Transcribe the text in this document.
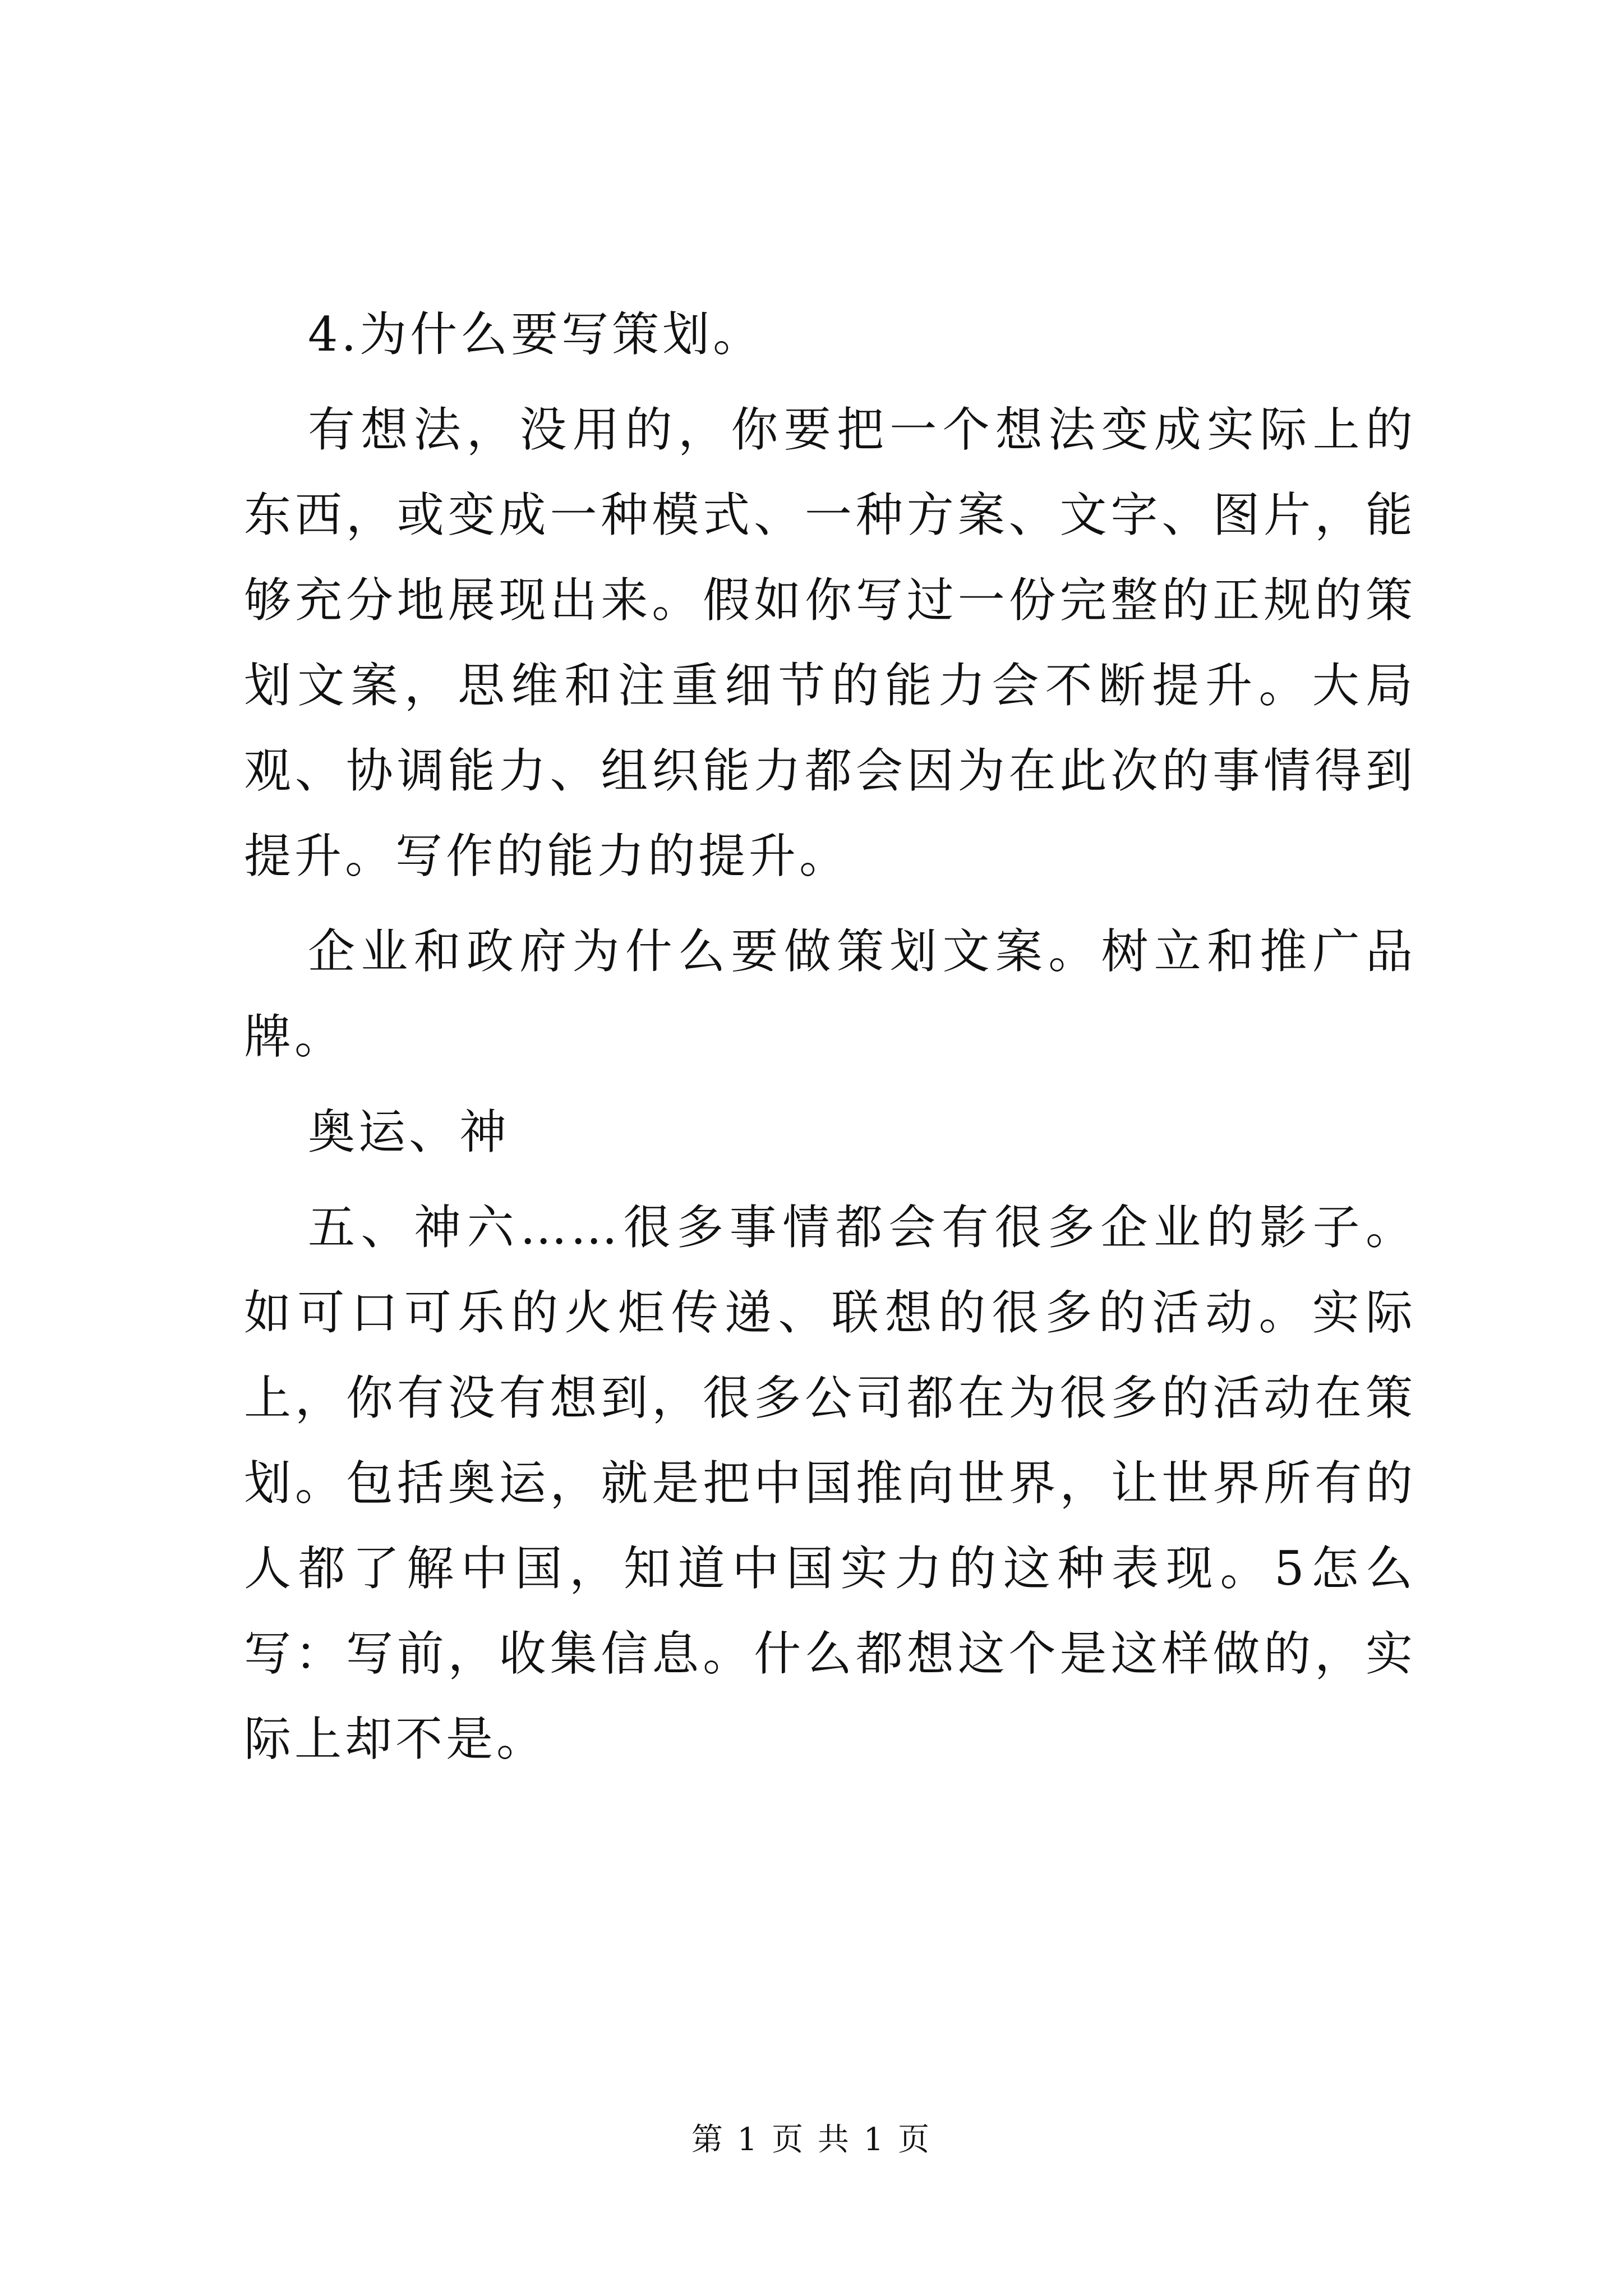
4.为什么要写策划。

有想法，没用的，你要把一个想法变成实际上的东西，或变成一种模式、一种方案、文字、图片，能够充分地展现出来。假如你写过一份完整的正规的策划文案，思维和注重细节的能力会不断提升。大局观、协调能力、组织能力都会因为在此次的事情得到提升。写作的能力的提升。

企业和政府为什么要做策划文案。树立和推广品牌。

奥运、神

五、神六……很多事情都会有很多企业的影子。如可口可乐的火炬传递、联想的很多的活动。实际上，你有没有想到，很多公司都在为很多的活动在策划。包括奥运，就是把中国推向世界，让世界所有的人都了解中国，知道中国实力的这种表现。5怎么写：写前，收集信息。什么都想这个是这样做的，实际上却不是。

第 1 页 共 1 页
